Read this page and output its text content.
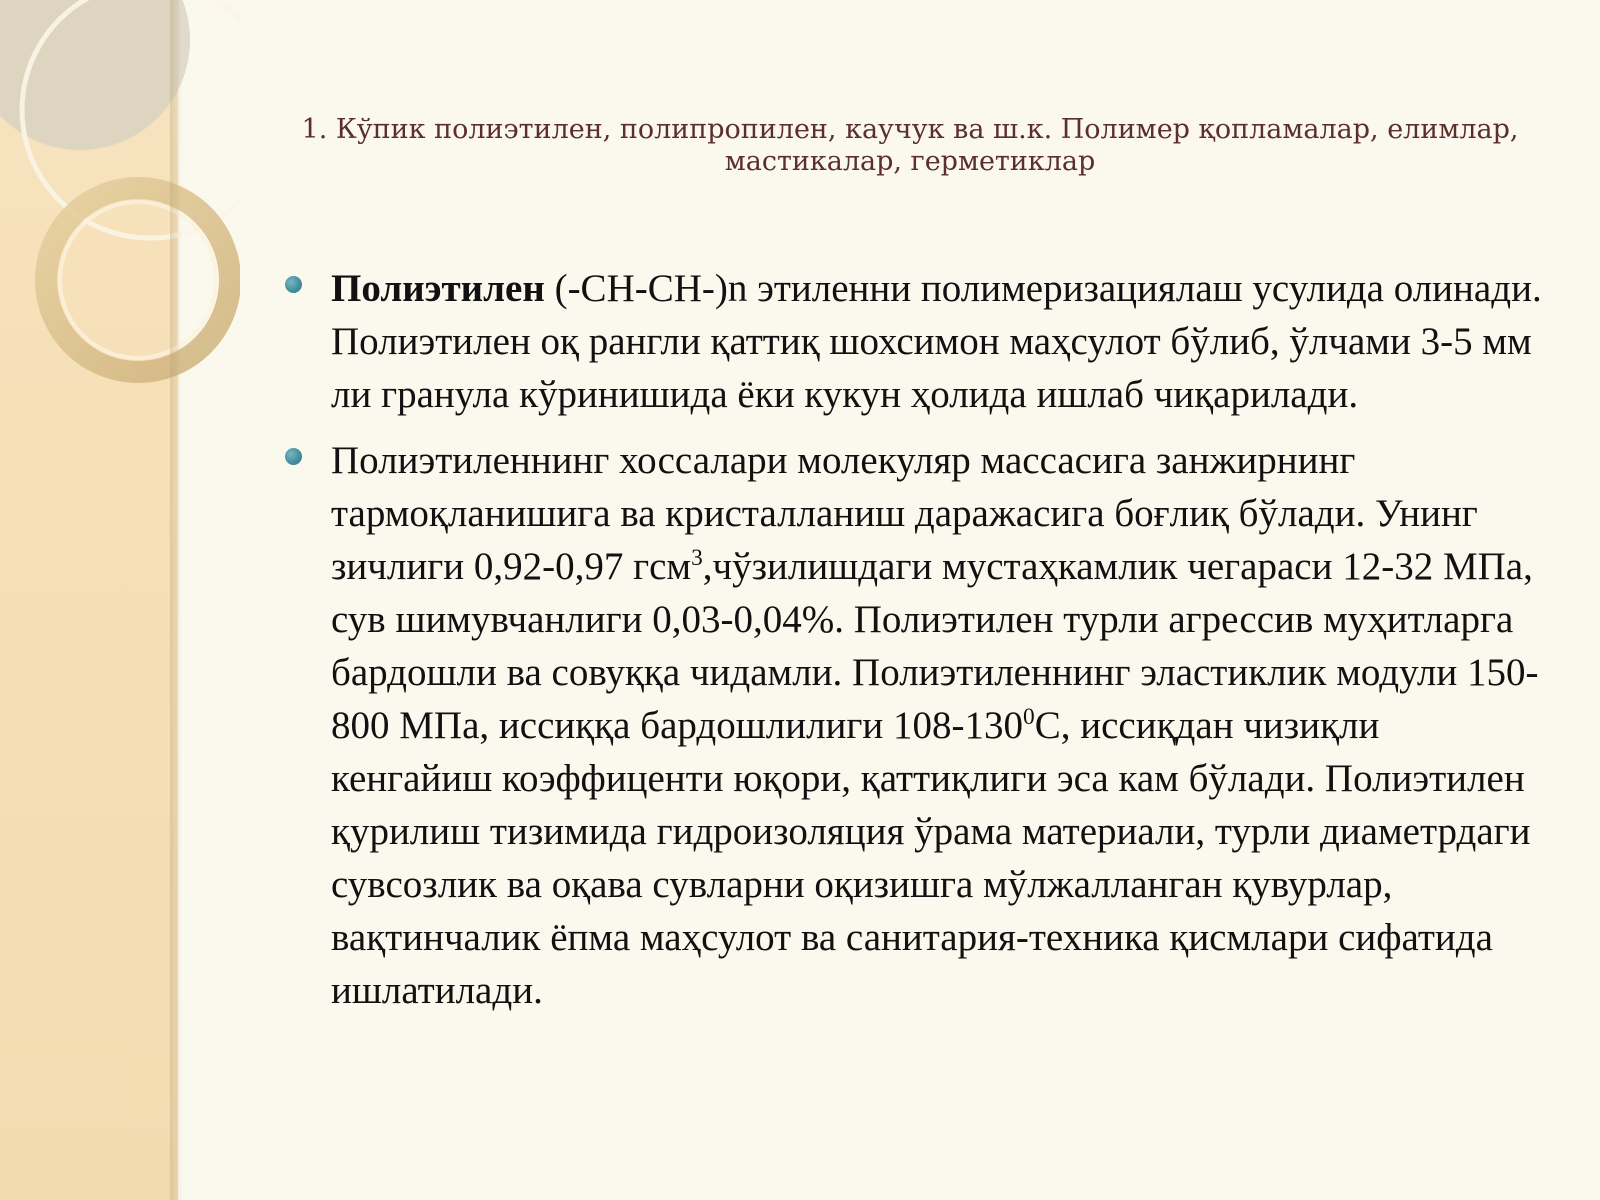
1. Кўпик полиэтилен, полипропилен, каучук ва ш.к. Полимер қопламалар, елимлар, мастикалар, герметиклар
Полиэтилен (-СН-СН-)n этиленни полимеризациялаш усулида олинади. Полиэтилен оқ рангли қаттиқ шохсимон маҳсулот бўлиб, ўлчами 3-5 мм ли гранула кўринишида ёки кукун ҳолида ишлаб чиқарилади.
Полиэтиленнинг хоссалари молекуляр массасига занжирнинг тармоқланишига ва кристалланиш даражасига боғлиқ бўлади. Унинг зичлиги 0,92-0,97 гсм$^3$,чўзилишдаги мустаҳкамлик чегараси 12-32 МПа, сув шимувчанлиги 0,03-0,04%. Полиэтилен турли агрессив муҳитларга бардошли ва совуққа чидамли. Полиэтиленнинг эластиклик модули 150-800 МПа, иссиққа бардошлилиги $108-130^0С$, иссиқдан чизиқли кенгайиш коэффиценти юқори, қаттиқлиги эса кам бўлади. Полиэтилен қурилиш тизимида гидроизоляция ўрама материали, турли диаметрдаги сувсозлик ва оқава сувларни оқизишга мўлжалланган қувурлар, вақтинчалик ёпма маҳсулот ва санитария-техника қисмлари сифатида ишлатилади.
